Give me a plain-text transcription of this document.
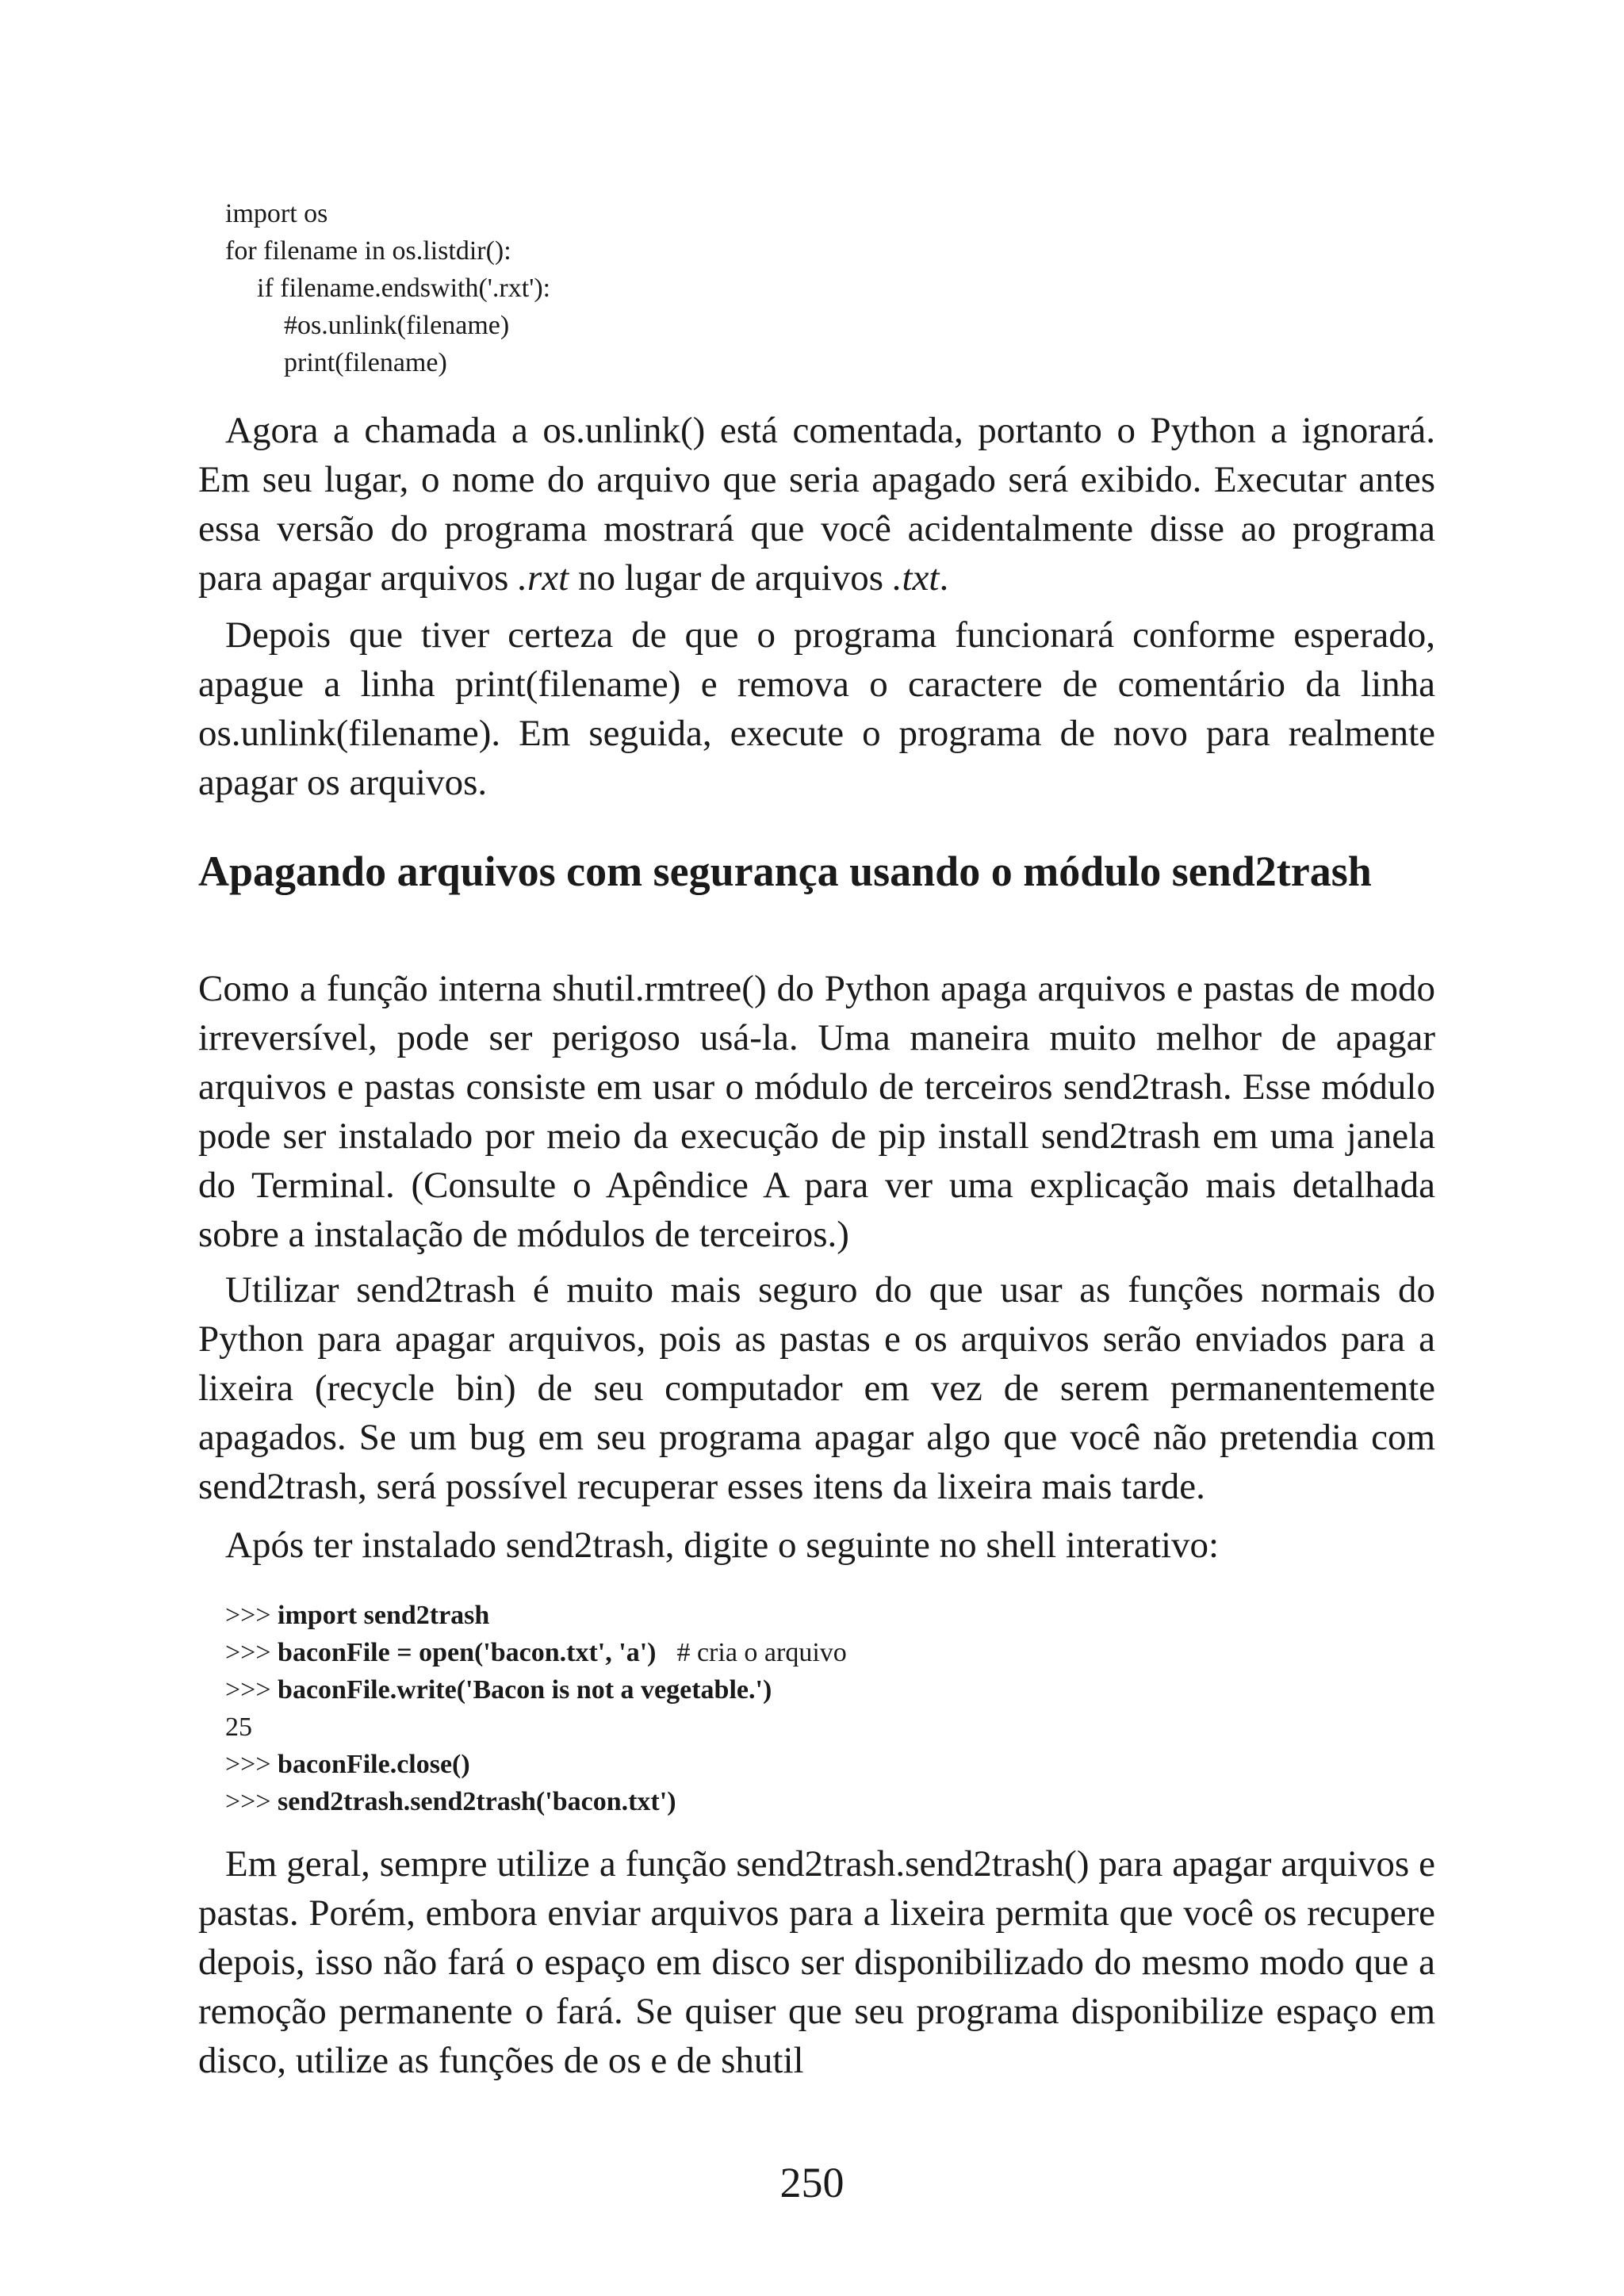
import os
for filename in os.listdir():
if filename.endswith('.rxt'):
#os.unlink(filename)
print(filename)

Agora a chamada a os.unlink() está comentada, portanto o Python a ignorará. Em seu lugar, o nome do arquivo que seria apagado será exibido. Executar antes essa versão do programa mostrará que você acidentalmente disse ao programa para apagar arquivos .rxt no lugar de arquivos .txt.

Depois que tiver certeza de que o programa funcionará conforme esperado, apague a linha print(filename) e remova o caractere de comentário da linha os.unlink(filename). Em seguida, execute o programa de novo para realmente apagar os arquivos.

Apagando arquivos com segurança usando o módulo send2trash

Como a função interna shutil.rmtree() do Python apaga arquivos e pastas de modo irreversível, pode ser perigoso usá-la. Uma maneira muito melhor de apagar arquivos e pastas consiste em usar o módulo de terceiros send2trash. Esse módulo pode ser instalado por meio da execução de pip install send2trash em uma janela do Terminal. (Consulte o Apêndice A para ver uma explicação mais detalhada sobre a instalação de módulos de terceiros.)

Utilizar send2trash é muito mais seguro do que usar as funções normais do Python para apagar arquivos, pois as pastas e os arquivos serão enviados para a lixeira (recycle bin) de seu computador em vez de serem permanentemente apagados. Se um bug em seu programa apagar algo que você não pretendia com send2trash, será possível recuperar esses itens da lixeira mais tarde.

Após ter instalado send2trash, digite o seguinte no shell interativo:

>>> import send2trash
>>> baconFile = open('bacon.txt', 'a') # cria o arquivo
>>> baconFile.write('Bacon is not a vegetable.')
25
>>> baconFile.close()
>>> send2trash.send2trash('bacon.txt')

Em geral, sempre utilize a função send2trash.send2trash() para apagar arquivos e pastas. Porém, embora enviar arquivos para a lixeira permita que você os recupere depois, isso não fará o espaço em disco ser disponibilizado do mesmo modo que a remoção permanente o fará. Se quiser que seu programa disponibilize espaço em disco, utilize as funções de os e de shutil

250
